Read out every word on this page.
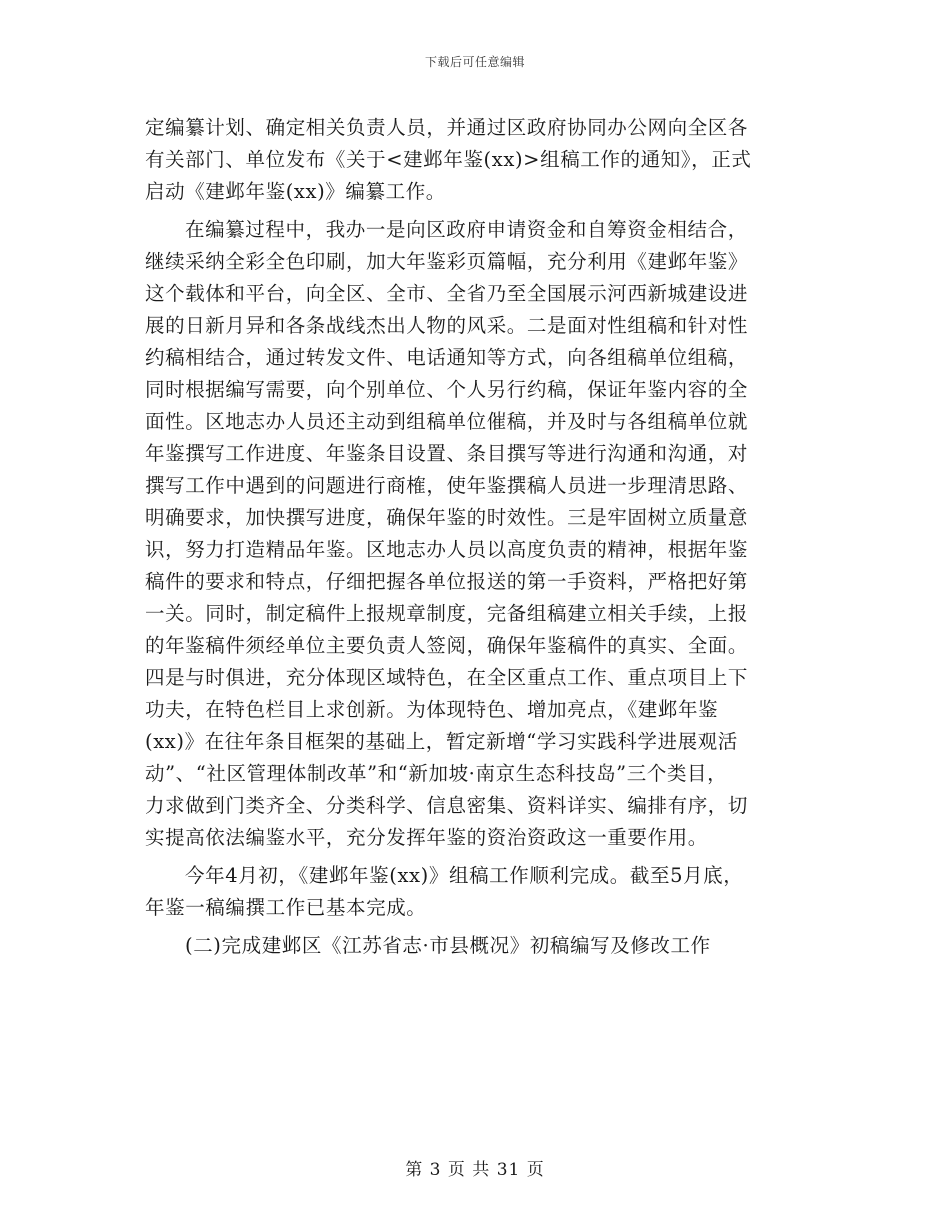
下载后可任意编辑
定编纂计划、确定相关负责人员，并通过区政府协同办公网向全区各
有关部门、单位发布《关于<建邺年鉴(xx)>组稿工作的通知》，正式
启动《建邺年鉴(xx)》编纂工作。
在编纂过程中，我办一是向区政府申请资金和自筹资金相结合，
继续采纳全彩全色印刷，加大年鉴彩页篇幅，充分利用《建邺年鉴》
这个载体和平台，向全区、全市、全省乃至全国展示河西新城建设进
展的日新月异和各条战线杰出人物的风采。二是面对性组稿和针对性
约稿相结合，通过转发文件、电话通知等方式，向各组稿单位组稿，
同时根据编写需要，向个别单位、个人另行约稿，保证年鉴内容的全
面性。区地志办人员还主动到组稿单位催稿，并及时与各组稿单位就
年鉴撰写工作进度、年鉴条目设置、条目撰写等进行沟通和沟通，对
撰写工作中遇到的问题进行商榷，使年鉴撰稿人员进一步理清思路、
明确要求，加快撰写进度，确保年鉴的时效性。三是牢固树立质量意
识，努力打造精品年鉴。区地志办人员以高度负责的精神，根据年鉴
稿件的要求和特点，仔细把握各单位报送的第一手资料，严格把好第
一关。同时，制定稿件上报规章制度，完备组稿建立相关手续，上报
的年鉴稿件须经单位主要负责人签阅，确保年鉴稿件的真实、全面。
四是与时俱进，充分体现区域特色，在全区重点工作、重点项目上下
功夫，在特色栏目上求创新。为体现特色、增加亮点，《建邺年鉴
(xx)》在往年条目框架的基础上，暂定新增“学习实践科学进展观活
动”、“社区管理体制改革”和“新加坡·南京生态科技岛”三个类目，
力求做到门类齐全、分类科学、信息密集、资料详实、编排有序，切
实提高依法编鉴水平，充分发挥年鉴的资治资政这一重要作用。
今年4月初，《建邺年鉴(xx)》组稿工作顺利完成。截至5月底，
年鉴一稿编撰工作已基本完成。
(二)完成建邺区《江苏省志·市县概况》初稿编写及修改工作
第 3 页 共 31 页
